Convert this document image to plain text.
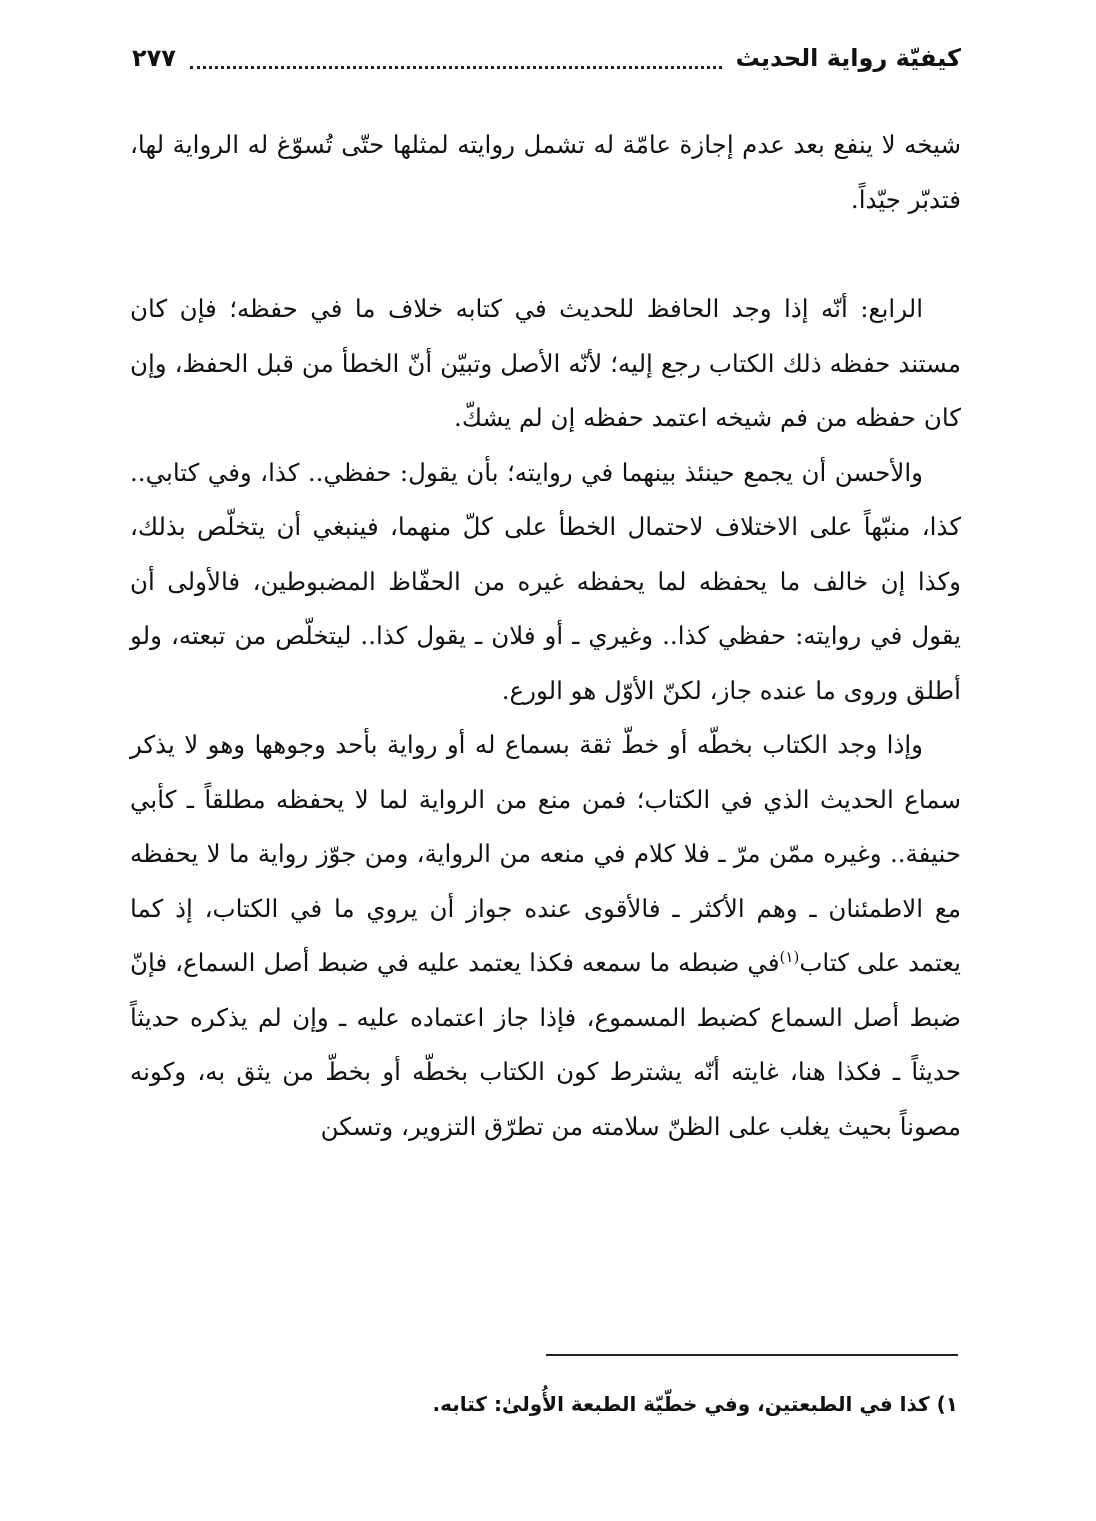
كيفيّة رواية الحديث
٢٧٧

شيخه لا ينفع بعد عدم إجازة عامّة له تشمل روايته لمثلها حتّى تُسوّغ له الرواية لها، فتدبّر جيّداً.

الرابع: أنّه إذا وجد الحافظ للحديث في كتابه خلاف ما في حفظه؛ فإن كان مستند حفظه ذلك الكتاب رجع إليه؛ لأنّه الأصل وتبيّن أنّ الخطأ من قبل الحفظ، وإن كان حفظه من فم شيخه اعتمد حفظه إن لم يشكّ.

والأحسن أن يجمع حينئذ بينهما في روايته؛ بأن يقول: حفظي.. كذا، وفي كتابي.. كذا، منبّهاً على الاختلاف لاحتمال الخطأ على كلّ منهما، فينبغي أن يتخلّص بذلك، وكذا إن خالف ما يحفظه لما يحفظه غيره من الحفّاظ المضبوطين، فالأولى أن يقول في روايته: حفظي كذا.. وغيري ـ أو فلان ـ يقول كذا.. ليتخلّص من تبعته، ولو أطلق وروى ما عنده جاز، لكنّ الأوّل هو الورع.

وإذا وجد الكتاب بخطّه أو خطّ ثقة بسماع له أو رواية بأحد وجوهها وهو لا يذكر سماع الحديث الذي في الكتاب؛ فمن منع من الرواية لما لا يحفظه مطلقاً ـ كأبي حنيفة.. وغيره ممّن مرّ ـ فلا كلام في منعه من الرواية، ومن جوّز رواية ما لا يحفظه مع الاطمئنان ـ وهم الأكثر ـ فالأقوى عنده جواز أن يروي ما في الكتاب، إذ كما يعتمد على كتاب$^{(١)}$في ضبطه ما سمعه فكذا يعتمد عليه في ضبط أصل السماع، فإنّ ضبط أصل السماع كضبط المسموع، فإذا جاز اعتماده عليه ـ وإن لم يذكره حديثاً حديثاً ـ فكذا هنا، غايته أنّه يشترط كون الكتاب بخطّه أو بخطّ من يثق به، وكونه مصوناً بحيث يغلب على الظنّ سلامته من تطرّق التزوير، وتسكن

١) كذا في الطبعتين، وفي خطّيّة الطبعة الأُولىٰ: كتابه.
